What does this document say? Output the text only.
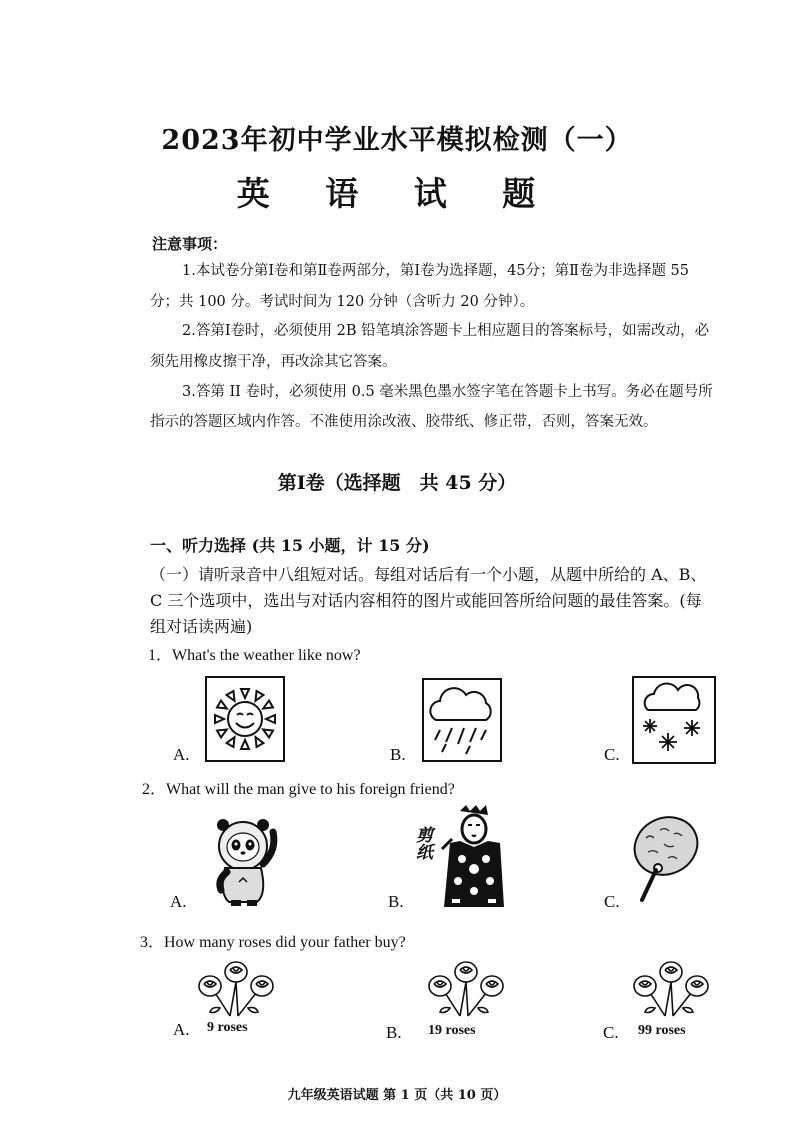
2023年初中学业水平模拟检测（一）
英 语 试 题
注意事项：
1.本试卷分第Ⅰ卷和第Ⅱ卷两部分，第Ⅰ卷为选择题，45分；第Ⅱ卷为非选择题 55
分；共 100 分。考试时间为 120 分钟（含听力 20 分钟）。
2.答第Ⅰ卷时，必须使用 2B 铅笔填涂答题卡上相应题目的答案标号，如需改动，必
须先用橡皮擦干净，再改涂其它答案。
3.答第 II 卷时，必须使用 0.5 毫米黑色墨水签字笔在答题卡上书写。务必在题号所
指示的答题区域内作答。不准使用涂改液、胶带纸、修正带，否则，答案无效。
第Ⅰ卷（选择题　共 45 分）
一、听力选择 (共 15 小题，计 15 分)
（一）请听录音中八组短对话。每组对话后有一个小题，从题中所给的 A、B、
C 三个选项中，选出与对话内容相符的图片或能回答所给问题的最佳答案。(每
组对话读两遍)
1．What's the weather like now?
A.	B.	C.
2．What will the man give to his foreign friend?
A.	B.
剪纸
C.
3．How many roses did your father buy?
A. 9 roses	B. 19 roses	C. 99 roses
九年级英语试题 第 1 页（共 10 页）
